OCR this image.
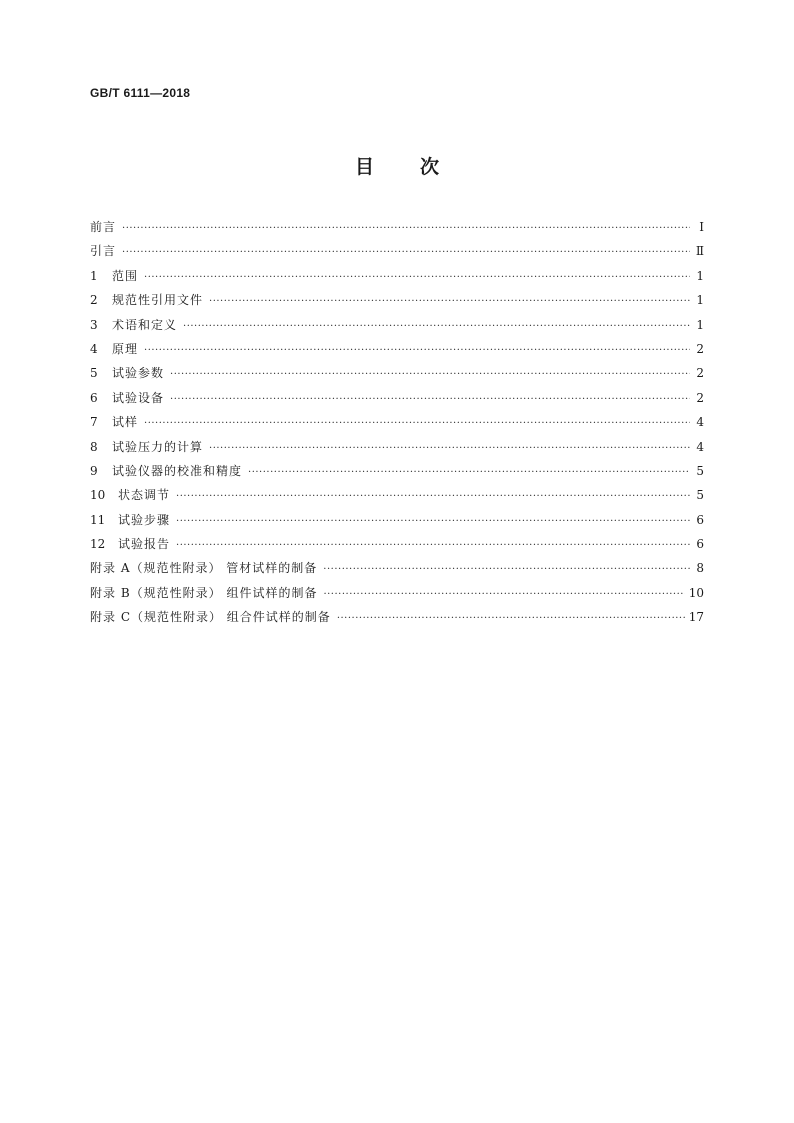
GB/T 6111—2018
目 次
前言 ·····	Ⅰ
引言 ·····	Ⅱ
1	范围 ·····	1
2	规范性引用文件 ·····	1
3	术语和定义 ·····	1
4	原理 ·····	2
5	试验参数 ·····	2
6	试验设备 ·····	2
7	试样 ·····	4
8	试验压力的计算 ·····	4
9	试验仪器的校准和精度 ·····	5
10	状态调节 ·····	5
11	试验步骤 ·····	6
12	试验报告 ·····	6
附录 A（规范性附录） 管材试样的制备 ·····	8
附录 B（规范性附录） 组件试样的制备 ·····	10
附录 C（规范性附录） 组合件试样的制备 ·····	17
